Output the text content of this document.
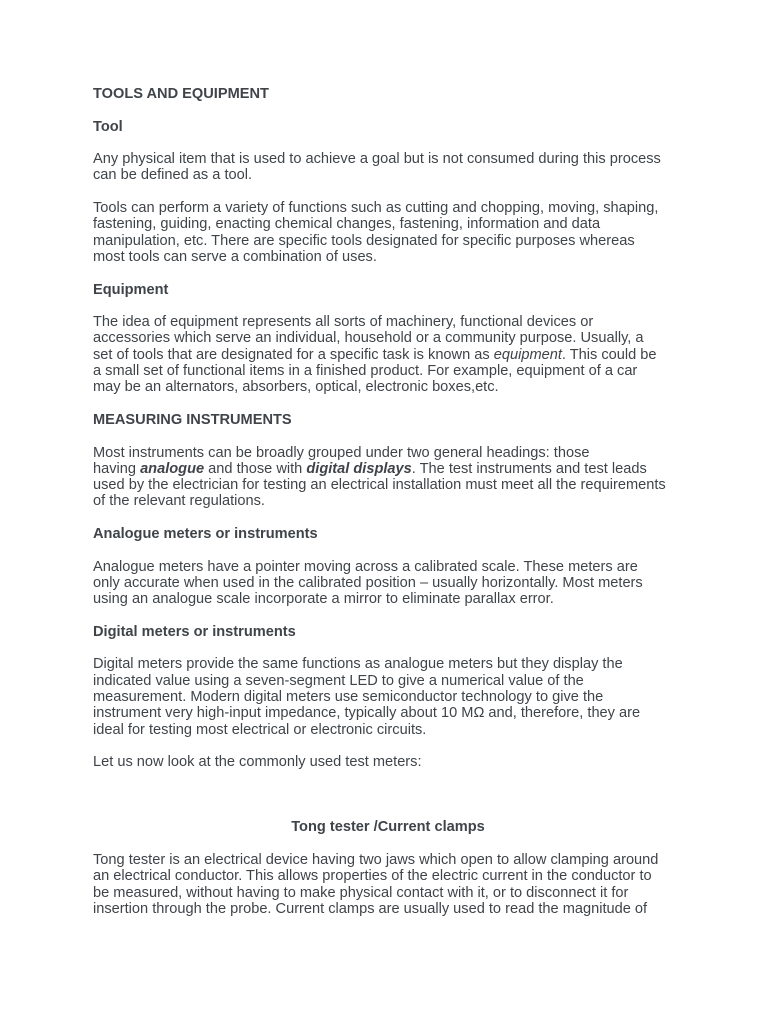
TOOLS AND EQUIPMENT
Tool
Any physical item that is used to achieve a goal but is not consumed during this process
can be defined as a tool.
Tools can perform a variety of functions such as cutting and chopping, moving, shaping,
fastening, guiding, enacting chemical changes, fastening, information and data
manipulation, etc. There are specific tools designated for specific purposes whereas
most tools can serve a combination of uses.
Equipment
The idea of equipment represents all sorts of machinery, functional devices or
accessories which serve an individual, household or a community purpose. Usually, a
set of tools that are designated for a specific task is known as equipment. This could be
a small set of functional items in a finished product. For example, equipment of a car
may be an alternators, absorbers, optical, electronic boxes,etc.
MEASURING INSTRUMENTS
Most instruments can be broadly grouped under two general headings: those
having analogue and those with digital displays. The test instruments and test leads
used by the electrician for testing an electrical installation must meet all the requirements
of the relevant regulations.
Analogue meters or instruments
Analogue meters have a pointer moving across a calibrated scale. These meters are
only accurate when used in the calibrated position – usually horizontally. Most meters
using an analogue scale incorporate a mirror to eliminate parallax error.
Digital meters or instruments
Digital meters provide the same functions as analogue meters but they display the
indicated value using a seven-segment LED to give a numerical value of the
measurement. Modern digital meters use semiconductor technology to give the
instrument very high-input impedance, typically about 10 MΩ and, therefore, they are
ideal for testing most electrical or electronic circuits.
Let us now look at the commonly used test meters:
Tong tester /Current clamps
Tong tester is an electrical device having two jaws which open to allow clamping around
an electrical conductor. This allows properties of the electric current in the conductor to
be measured, without having to make physical contact with it, or to disconnect it for
insertion through the probe. Current clamps are usually used to read the magnitude of
